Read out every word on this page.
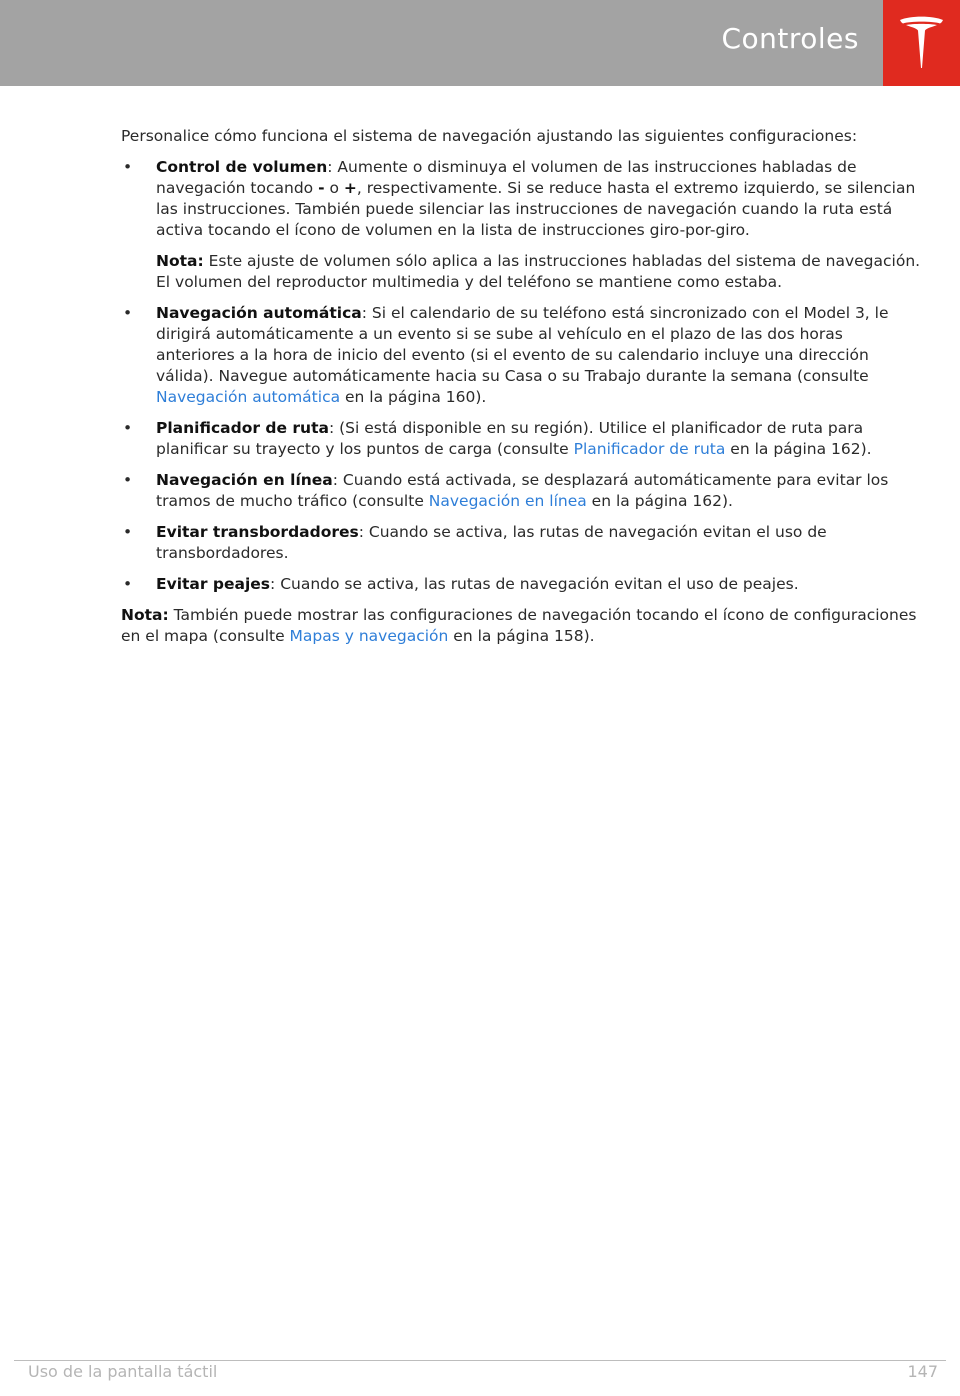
Controles

Personalice cómo funciona el sistema de navegación ajustando las siguientes configuraciones:

• Control de volumen: Aumente o disminuya el volumen de las instrucciones habladas de navegación tocando - o +, respectivamente. Si se reduce hasta el extremo izquierdo, se silencian las instrucciones. También puede silenciar las instrucciones de navegación cuando la ruta está activa tocando el ícono de volumen en la lista de instrucciones giro-por-giro.

Nota: Este ajuste de volumen sólo aplica a las instrucciones habladas del sistema de navegación. El volumen del reproductor multimedia y del teléfono se mantiene como estaba.

• Navegación automática: Si el calendario de su teléfono está sincronizado con el Model 3, le dirigirá automáticamente a un evento si se sube al vehículo en el plazo de las dos horas anteriores a la hora de inicio del evento (si el evento de su calendario incluye una dirección válida). Navegue automáticamente hacia su Casa o su Trabajo durante la semana (consulte Navegación automática en la página 160).

• Planificador de ruta: (Si está disponible en su región). Utilice el planificador de ruta para planificar su trayecto y los puntos de carga (consulte Planificador de ruta en la página 162).

• Navegación en línea: Cuando está activada, se desplazará automáticamente para evitar los tramos de mucho tráfico (consulte Navegación en línea en la página 162).

• Evitar transbordadores: Cuando se activa, las rutas de navegación evitan el uso de transbordadores.

• Evitar peajes: Cuando se activa, las rutas de navegación evitan el uso de peajes.

Nota: También puede mostrar las configuraciones de navegación tocando el ícono de configuraciones en el mapa (consulte Mapas y navegación en la página 158).

Uso de la pantalla táctil	147
